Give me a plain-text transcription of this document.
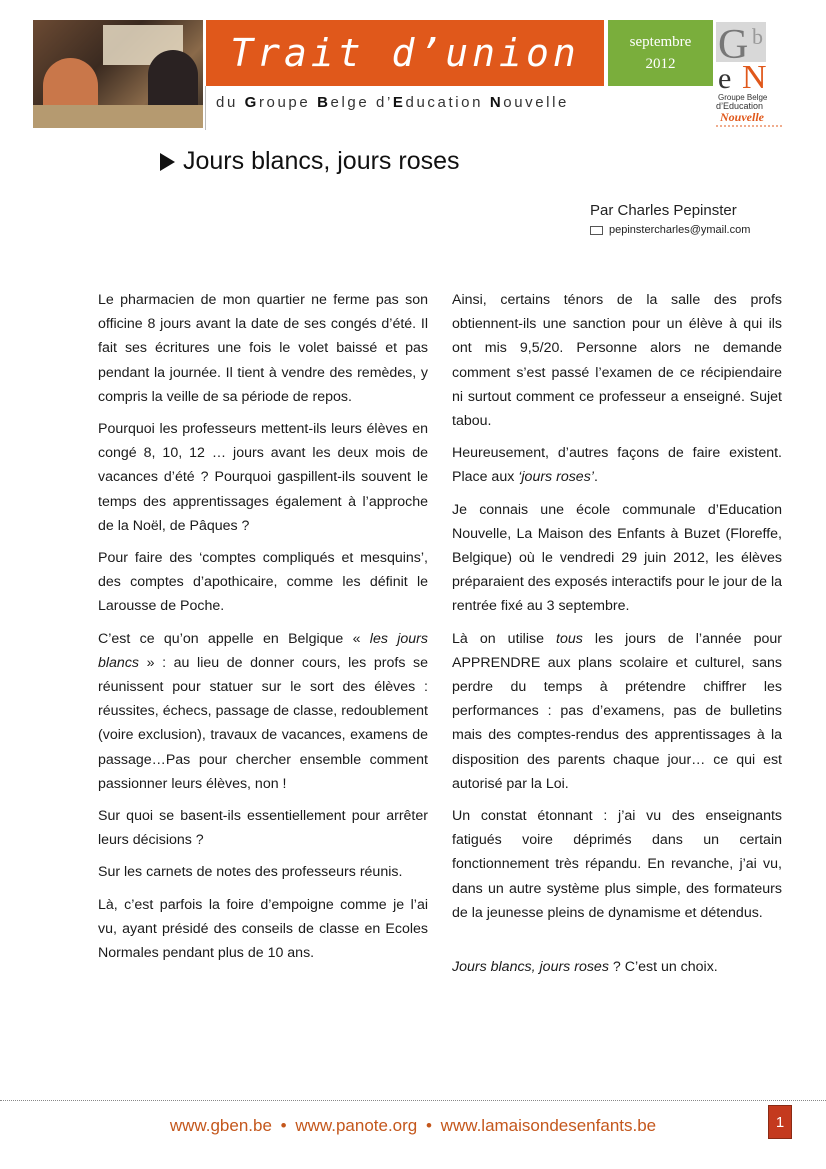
Trait d’union	septembre
2012
du Groupe Belge d’Education Nouvelle
G b
e N
Groupe Belge
d’Education
Nouvelle
Jours blancs, jours roses
Par Charles Pepinster
pepinstercharles@ymail.com

Le pharmacien de mon quartier ne ferme pas son officine 8 jours avant la date de ses congés d’été. Il fait ses écritures une fois le volet baissé et pas pendant la journée. Il tient à vendre des remèdes, y compris la veille de sa période de repos.

Pourquoi les professeurs mettent-ils leurs élèves en congé 8, 10, 12 … jours avant les deux mois de vacances d’été ? Pourquoi gaspillent-ils souvent le temps des apprentissages également à l’approche de la Noël, de Pâques ?

Pour faire des ‘comptes compliqués et mesquins’, des comptes d’apothicaire, comme les définit le Larousse de Poche.

C’est ce qu’on appelle en Belgique « les jours blancs » : au lieu de donner cours, les profs se réunissent pour statuer sur le sort des élèves : réussites, échecs, passage de classe, redoublement (voire exclusion), travaux de vacances, examens de passage…Pas pour chercher ensemble comment passionner leurs élèves, non !

Sur quoi se basent-ils essentiellement pour arrêter leurs décisions ?

Sur les carnets de notes des professeurs réunis.

Là, c’est parfois la foire d’empoigne comme je l’ai vu, ayant présidé des conseils de classe en Ecoles Normales pendant plus de 10 ans.

Ainsi, certains ténors de la salle des profs obtiennent-ils une sanction pour un élève à qui ils ont mis 9,5/20. Personne alors ne demande comment s’est passé l’examen de ce récipiendaire ni surtout comment ce professeur a enseigné. Sujet tabou.

Heureusement, d’autres façons de faire existent. Place aux ‘jours roses’.

Je connais une école communale d’Education Nouvelle, La Maison des Enfants à Buzet (Floreffe, Belgique) où le vendredi 29 juin 2012, les élèves préparaient des exposés interactifs pour le jour de la rentrée fixé au 3 septembre.

Là on utilise tous les jours de l’année pour APPRENDRE aux plans scolaire et culturel, sans perdre du temps à prétendre chiffrer les performances : pas d’examens, pas de bulletins mais des comptes-rendus des apprentissages à la disposition des parents chaque jour… ce qui est autorisé par la Loi.

Un constat étonnant : j’ai vu des enseignants fatigués voire déprimés dans un certain fonctionnement très répandu. En revanche, j’ai vu, dans un autre système plus simple, des formateurs de la jeunesse pleins de dynamisme et détendus.

Jours blancs, jours roses ? C’est un choix.

www.gben.be • www.panote.org • www.lamaisondesenfants.be	1
